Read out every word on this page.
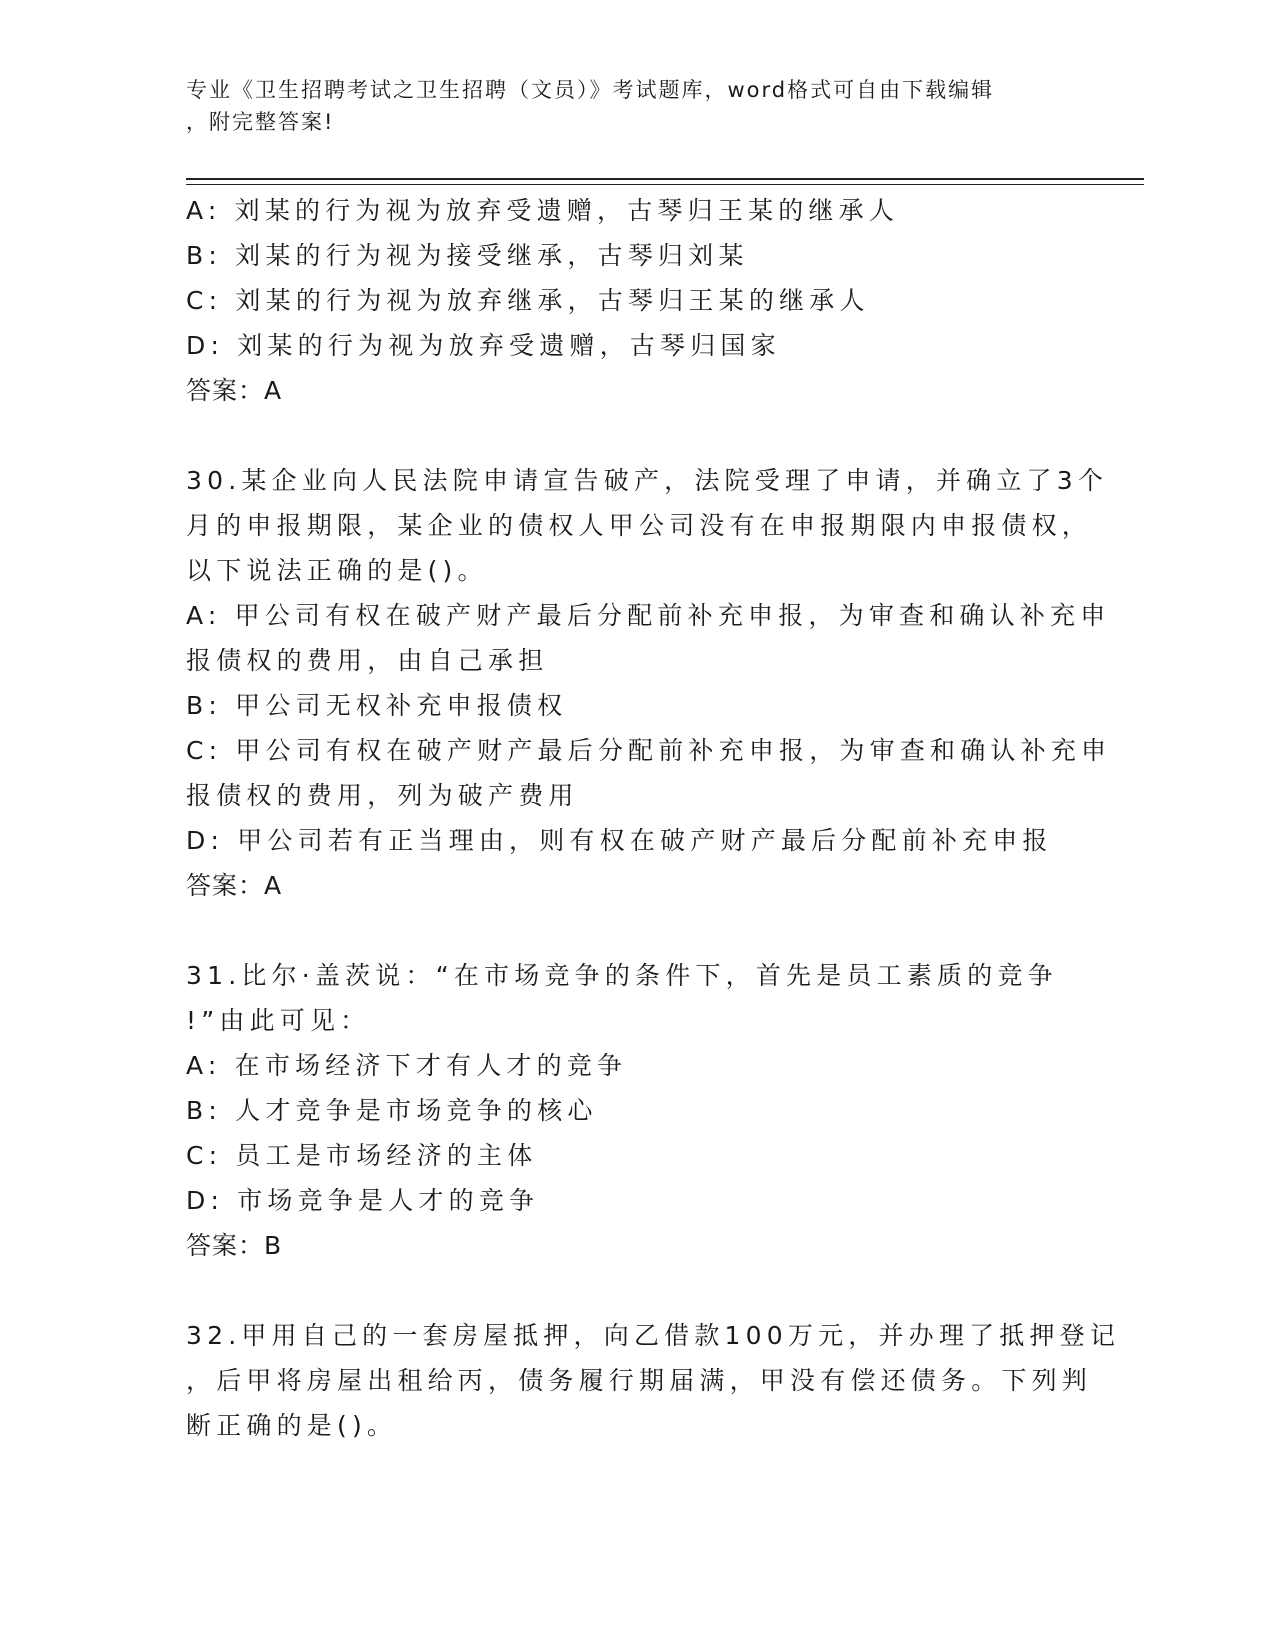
专业《卫生招聘考试之卫生招聘（文员）》考试题库，word格式可自由下载编辑
，附完整答案!
A: 刘某的行为视为放弃受遗赠，古琴归王某的继承人
B: 刘某的行为视为接受继承，古琴归刘某
C: 刘某的行为视为放弃继承，古琴归王某的继承人
D: 刘某的行为视为放弃受遗赠，古琴归国家
答案：A
30.某企业向人民法院申请宣告破产，法院受理了申请，并确立了3个
月的申报期限，某企业的债权人甲公司没有在申报期限内申报债权，
以下说法正确的是()。
A: 甲公司有权在破产财产最后分配前补充申报，为审查和确认补充申
报债权的费用，由自己承担
B: 甲公司无权补充申报债权
C: 甲公司有权在破产财产最后分配前补充申报，为审查和确认补充申
报债权的费用，列为破产费用
D: 甲公司若有正当理由，则有权在破产财产最后分配前补充申报
答案：A
31.比尔·盖茨说：“在市场竞争的条件下，首先是员工素质的竞争
!”由此可见：
A: 在市场经济下才有人才的竞争
B: 人才竞争是市场竞争的核心
C: 员工是市场经济的主体
D: 市场竞争是人才的竞争
答案：B
32.甲用自己的一套房屋抵押，向乙借款100万元，并办理了抵押登记
，后甲将房屋出租给丙，债务履行期届满，甲没有偿还债务。下列判
断正确的是()。
